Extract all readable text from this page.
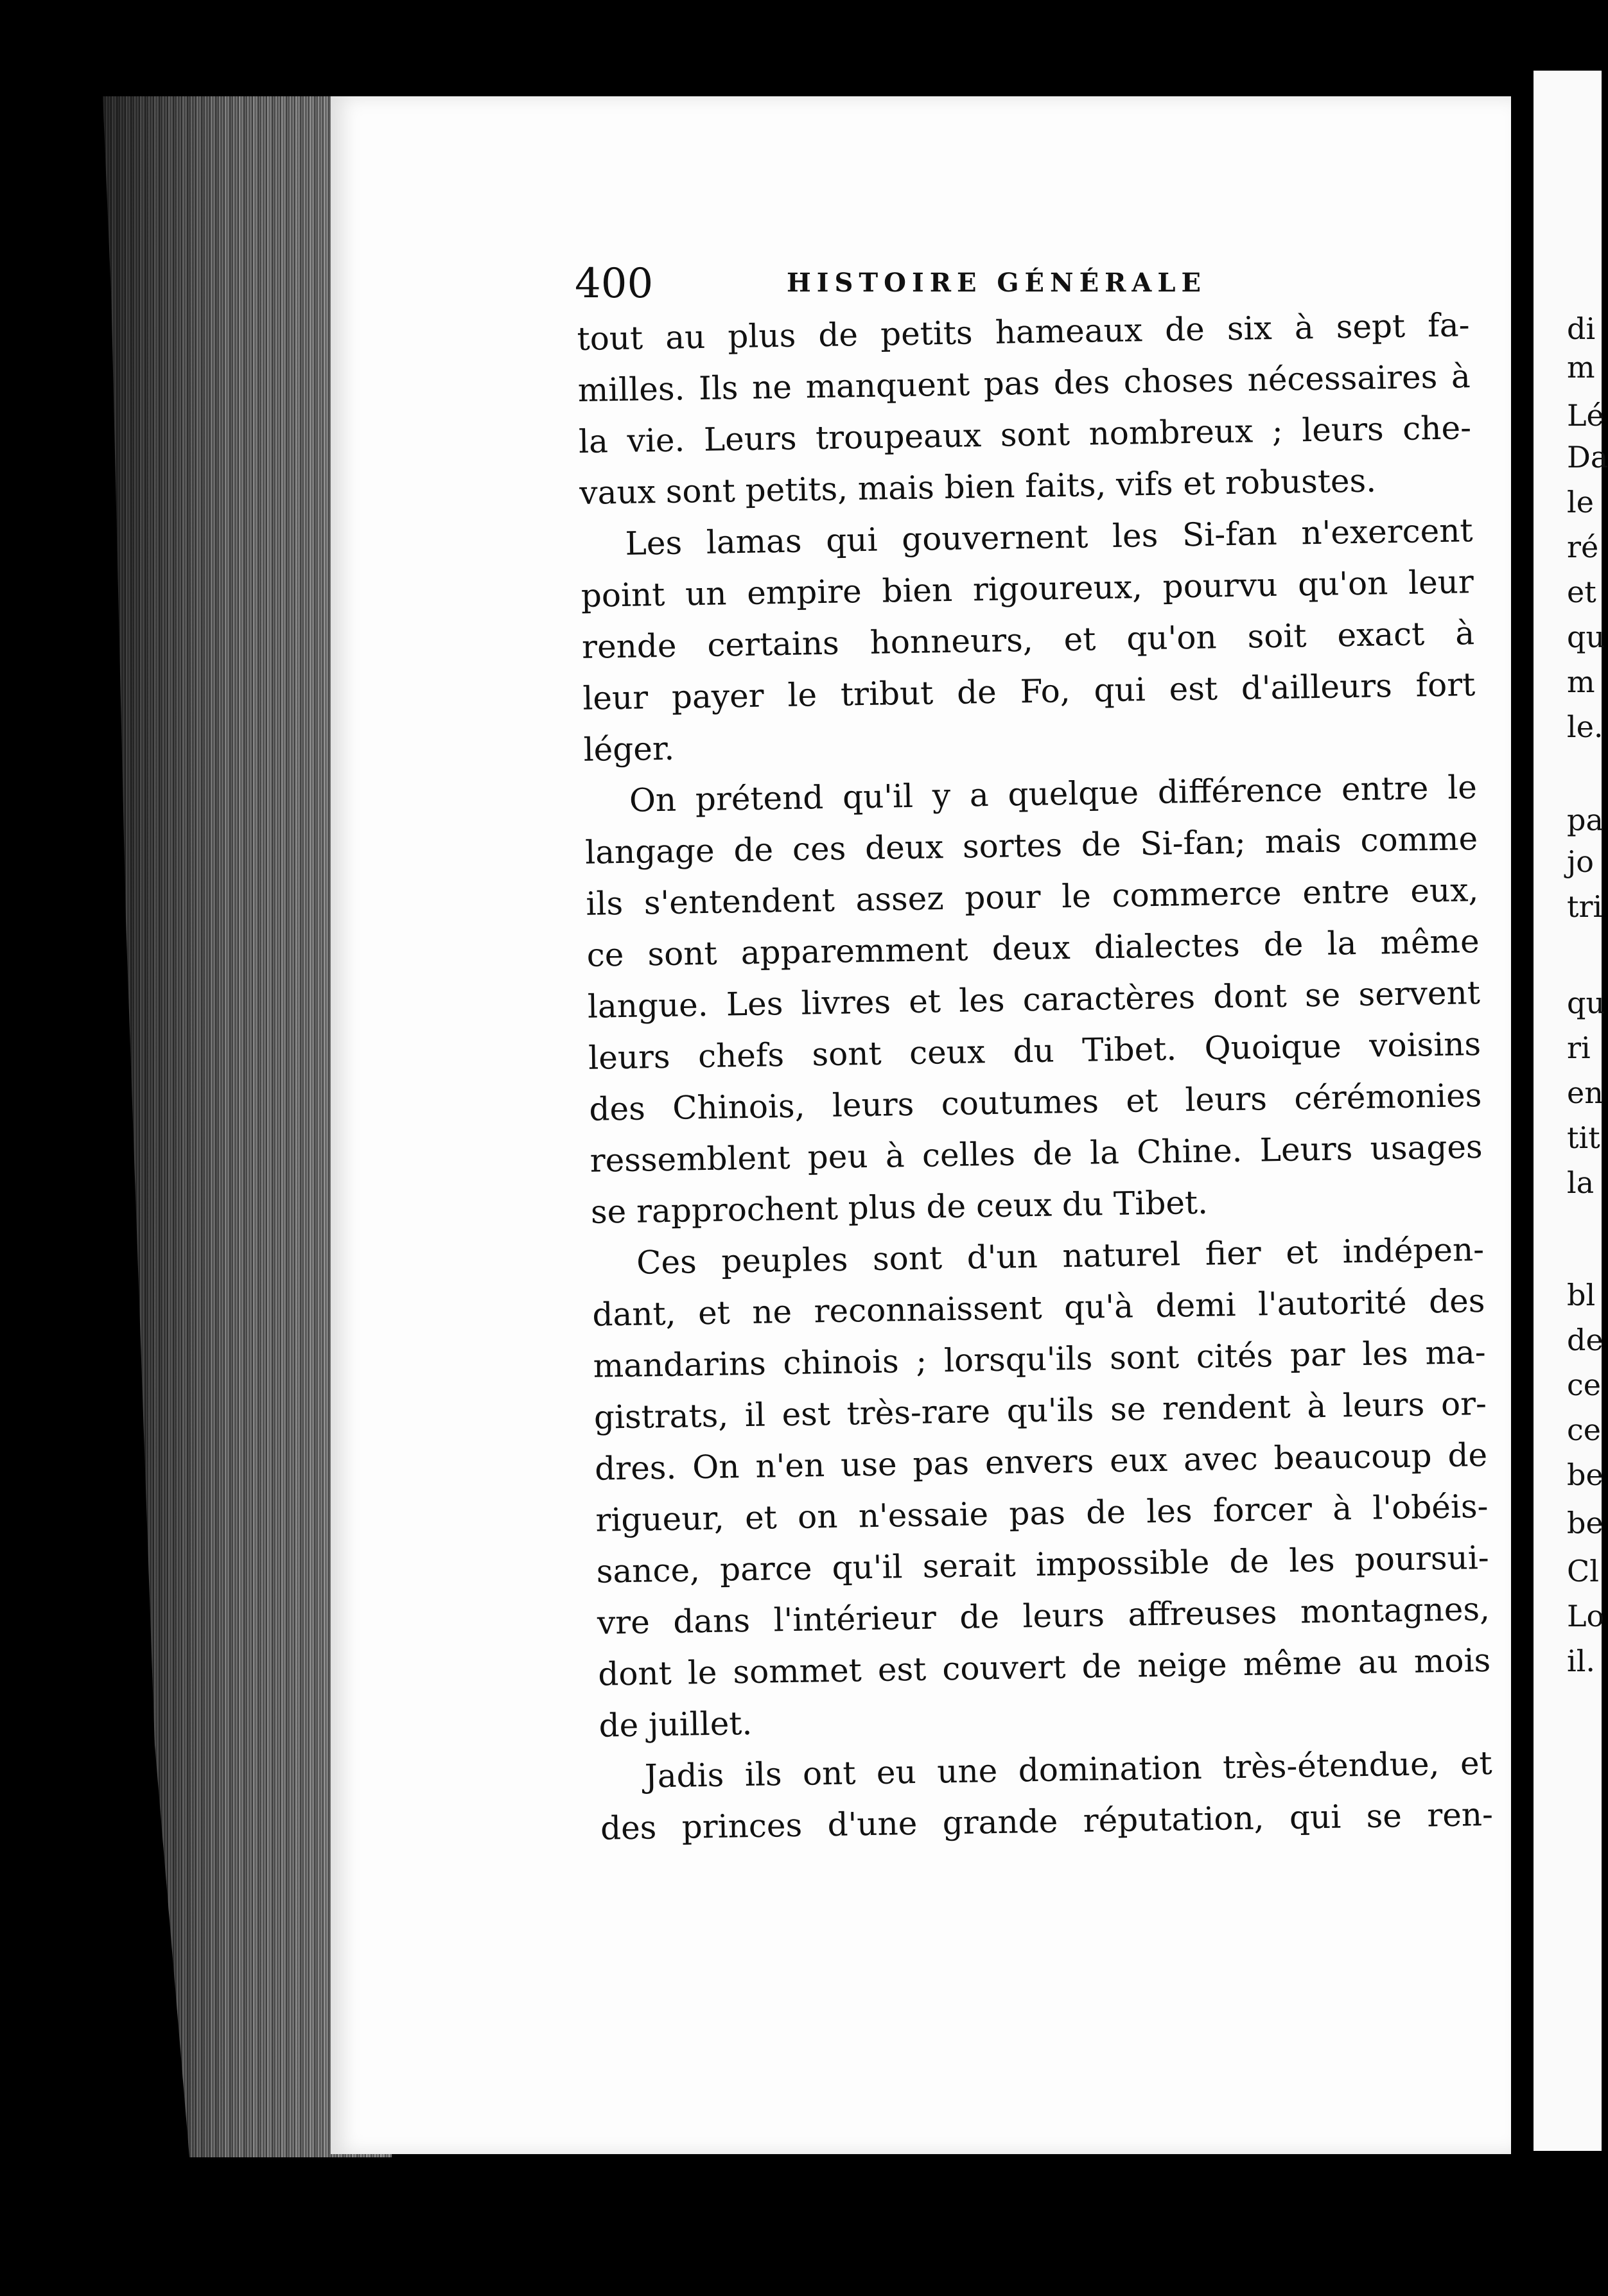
400	HISTOIRE GÉNÉRALE
tout au plus de petits hameaux de six à sept fa-
milles. Ils ne manquent pas des choses nécessaires à
la vie. Leurs troupeaux sont nombreux ; leurs che-
vaux sont petits, mais bien faits, vifs et robustes.
Les lamas qui gouvernent les Si-fan n'exercent
point un empire bien rigoureux, pourvu qu'on leur
rende certains honneurs, et qu'on soit exact à
leur payer le tribut de Fo, qui est d'ailleurs fort
léger.
On prétend qu'il y a quelque différence entre le
langage de ces deux sortes de Si-fan; mais comme
ils s'entendent assez pour le commerce entre eux,
ce sont apparemment deux dialectes de la même
langue. Les livres et les caractères dont se servent
leurs chefs sont ceux du Tibet. Quoique voisins
des Chinois, leurs coutumes et leurs cérémonies
ressemblent peu à celles de la Chine. Leurs usages
se rapprochent plus de ceux du Tibet.
Ces peuples sont d'un naturel fier et indépen-
dant, et ne reconnaissent qu'à demi l'autorité des
mandarins chinois ; lorsqu'ils sont cités par les ma-
gistrats, il est très-rare qu'ils se rendent à leurs or-
dres. On n'en use pas envers eux avec beaucoup de
rigueur, et on n'essaie pas de les forcer à l'obéis-
sance, parce qu'il serait impossible de les poursui-
vre dans l'intérieur de leurs affreuses montagnes,
dont le sommet est couvert de neige même au mois
de juillet.
Jadis ils ont eu une domination très-étendue, et
des princes d'une grande réputation, qui se ren-
di
m
Lé
Da
le
ré
et
qu
m
le.
pa
jo
tri
qu
ri
en
tit
la
bl
de
ce
ce
be
be
Cl
Lo
il.
